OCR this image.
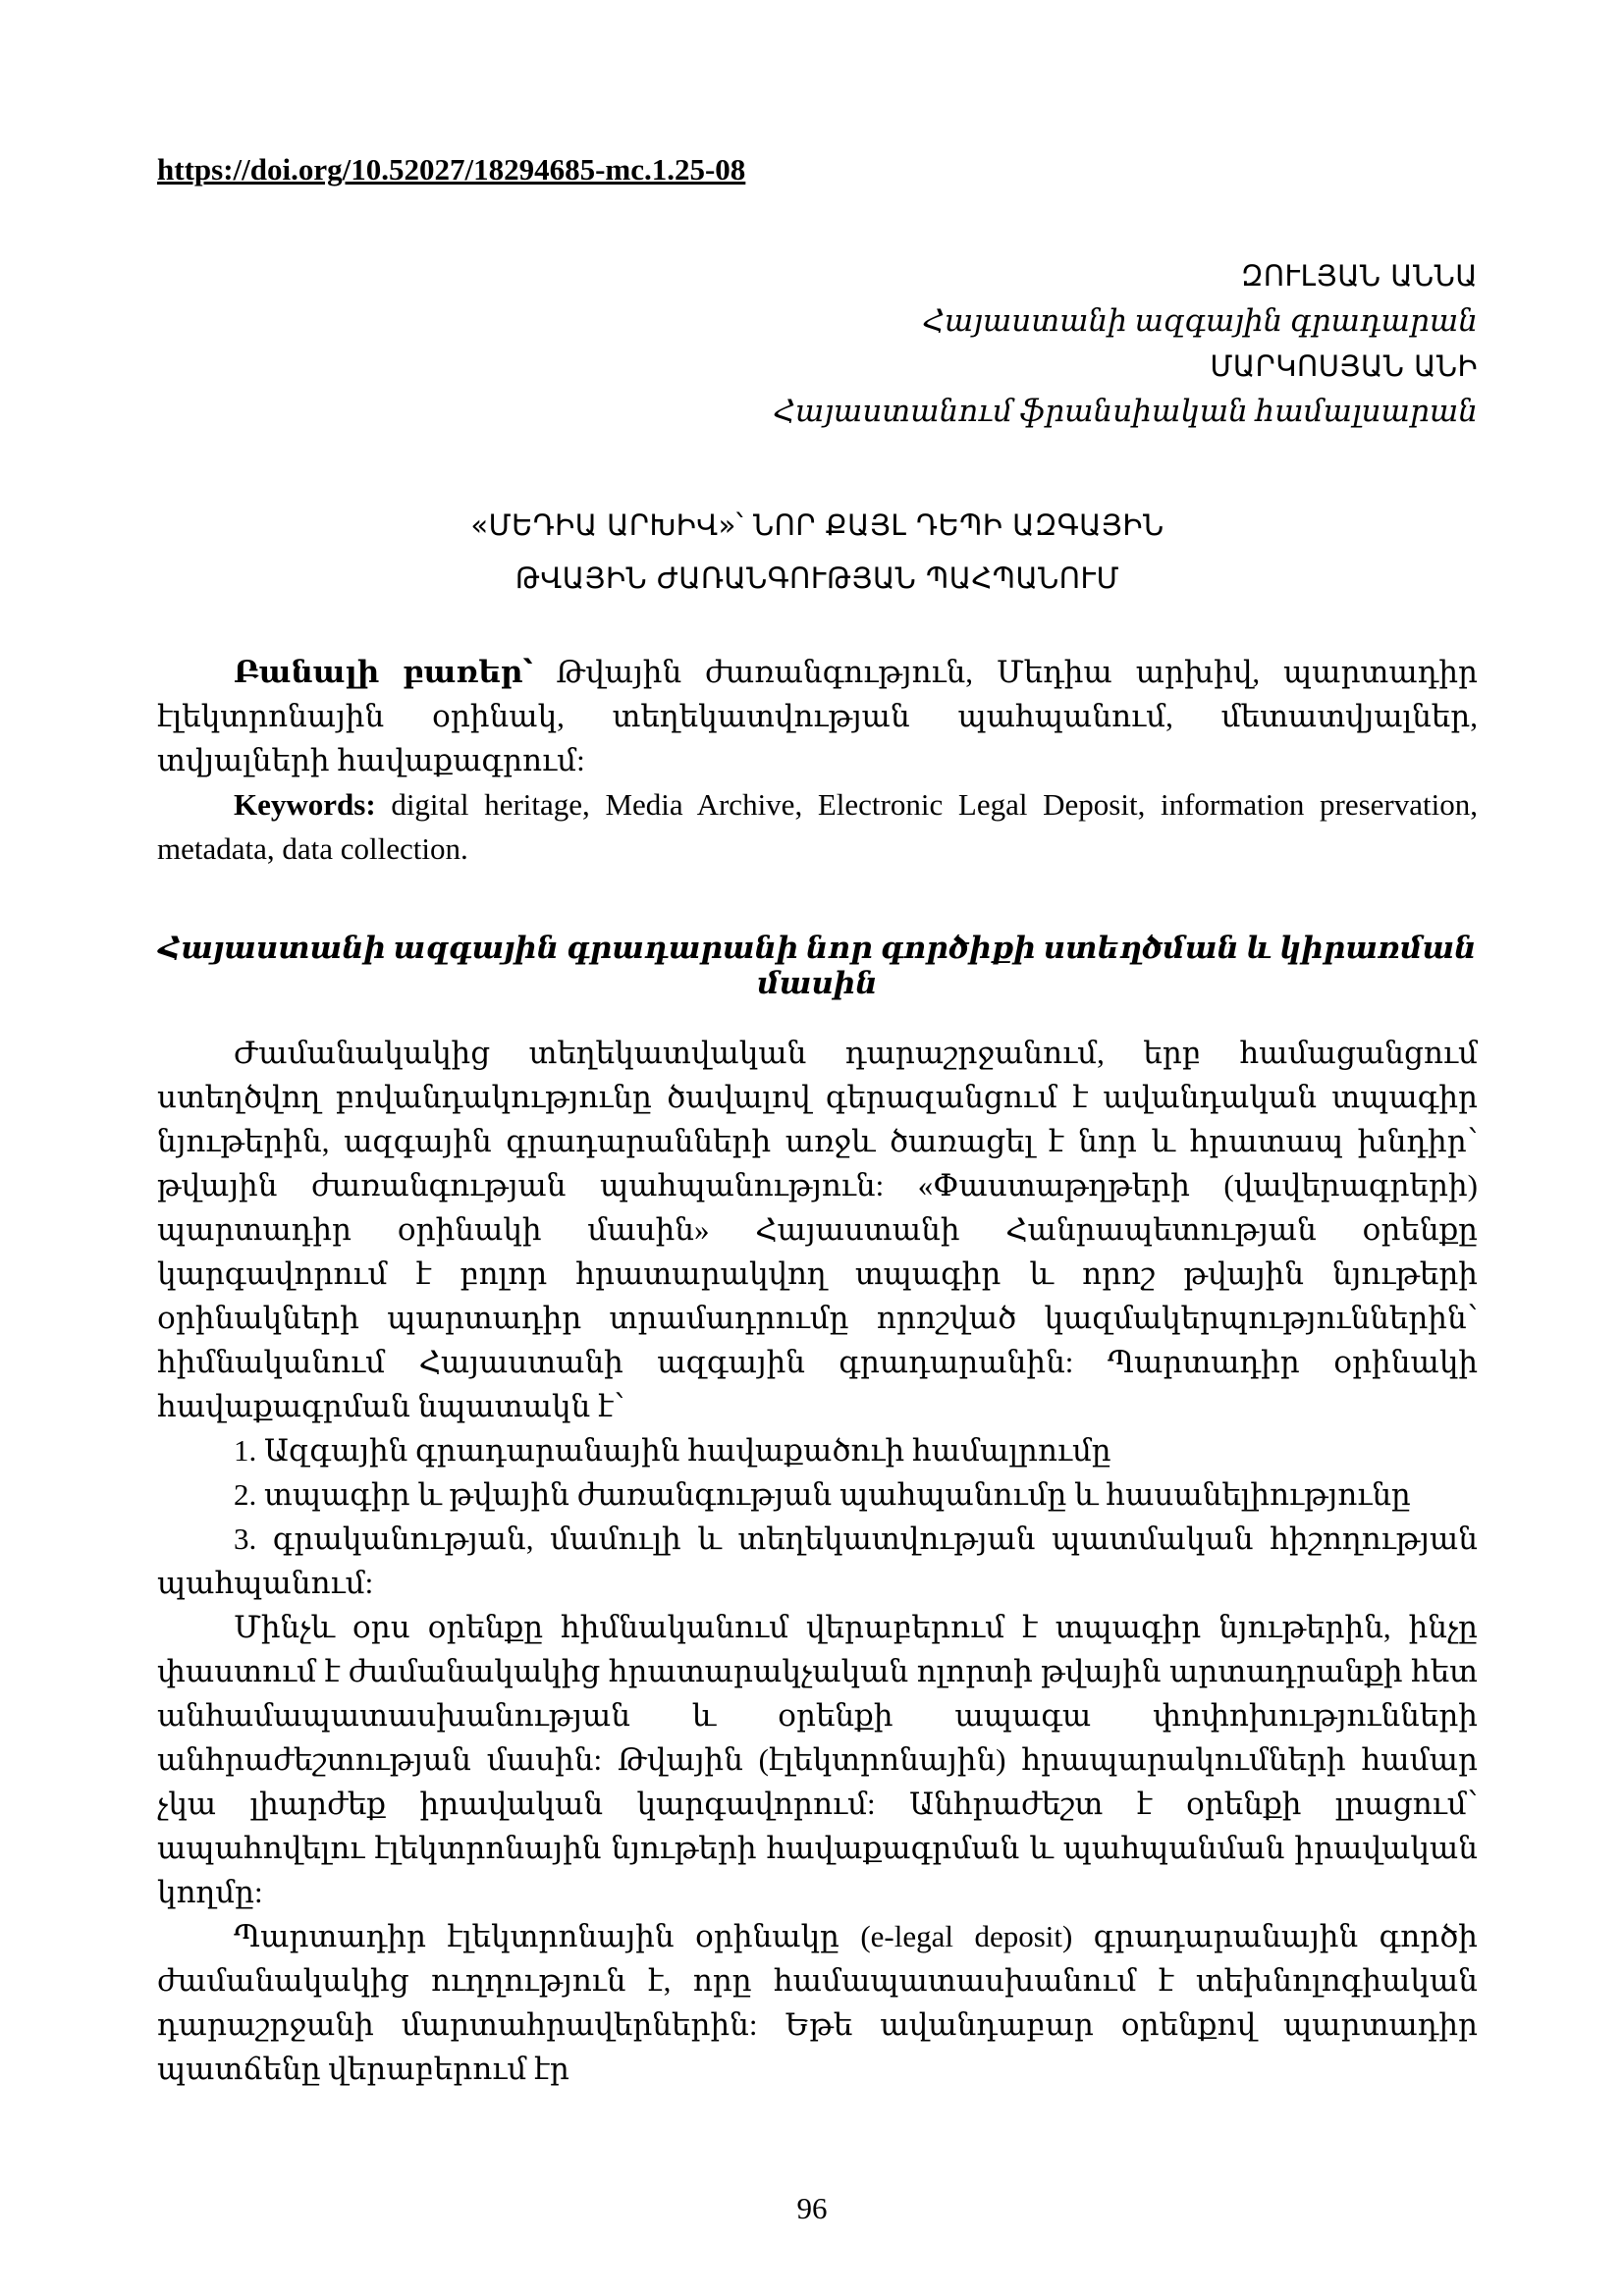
https://doi.org/10.52027/18294685-mc.1.25-08
ԶՈՒԼՅԱՆ ԱՆՆԱ
Հայաստանի ազգային գրադարան
ՄԱՐԿՈՍՅԱՆ ԱՆԻ
Հայաստանում ֆրանսիական համալսարան
«ՄԵԴԻԱ ԱՐԽԻՎ»՝ ՆՈՐ ՔԱՅԼ ԴԵՊԻ ԱԶԳԱՅԻՆ
ԹՎԱՅԻՆ ԺԱՌԱՆԳՈՒԹՅԱՆ ՊԱՀՊԱՆՈՒՄ

Բանալի բառեր՝ Թվային ժառանգություն, Մեդիա արխիվ, պարտադիր էլեկտրոնային օրինակ, տեղեկատվության պահպանում, մետատվյալներ, տվյալների հավաքագրում:

Keywords: digital heritage, Media Archive, Electronic Legal Deposit, information preservation, metadata, data collection.

Հայաստանի ազգային գրադարանի նոր գործիքի ստեղծման և կիրառման մասին

Ժամանակակից տեղեկատվական դարաշրջանում, երբ համացանցում ստեղծվող բովանդակությունը ծավալով գերազանցում է ավանդական տպագիր նյութերին, ազգային գրադարանների առջև ծառացել է նոր և հրատապ խնդիր՝ թվային ժառանգության պահպանություն: «Փաստաթղթերի (վավերագրերի) պարտադիր օրինակի մասին» Հայաստանի Հանրապետության օրենքը կարգավորում է բոլոր հրատարակվող տպագիր և որոշ թվային նյութերի օրինակների պարտադիր տրամադրումը որոշված կազմակերպություններին՝ հիմնականում Հայաստանի ազգային գրադարանին: Պարտադիր օրինակի հավաքագրման նպատակն է՝

1. Ազգային գրադարանային հավաքածուի համալրումը

2. տպագիր և թվային ժառանգության պահպանումը և հասանելիությունը

3. գրականության, մամուլի և տեղեկատվության պատմական հիշողության պահպանում:

Մինչև օրս օրենքը հիմնականում վերաբերում է տպագիր նյութերին, ինչը փաստում է ժամանակակից հրատարակչական ոլորտի թվային արտադրանքի հետ անհամապատասխանության և օրենքի ապագա փոփոխությունների անհրաժեշտության մասին: Թվային (էլեկտրոնային) հրապարակումների համար չկա լիարժեք իրավական կարգավորում: Անհրաժեշտ է օրենքի լրացում՝ ապահովելու էլեկտրոնային նյութերի հավաքագրման և պահպանման իրավական կողմը:

Պարտադիր էլեկտրոնային օրինակը (e-legal deposit) գրադարանային գործի ժամանակակից ուղղություն է, որը համապատասխանում է տեխնոլոգիական դարաշրջանի մարտահրավերներին: Եթե ավանդաբար օրենքով պարտադիր պատճենը վերաբերում էր

96
